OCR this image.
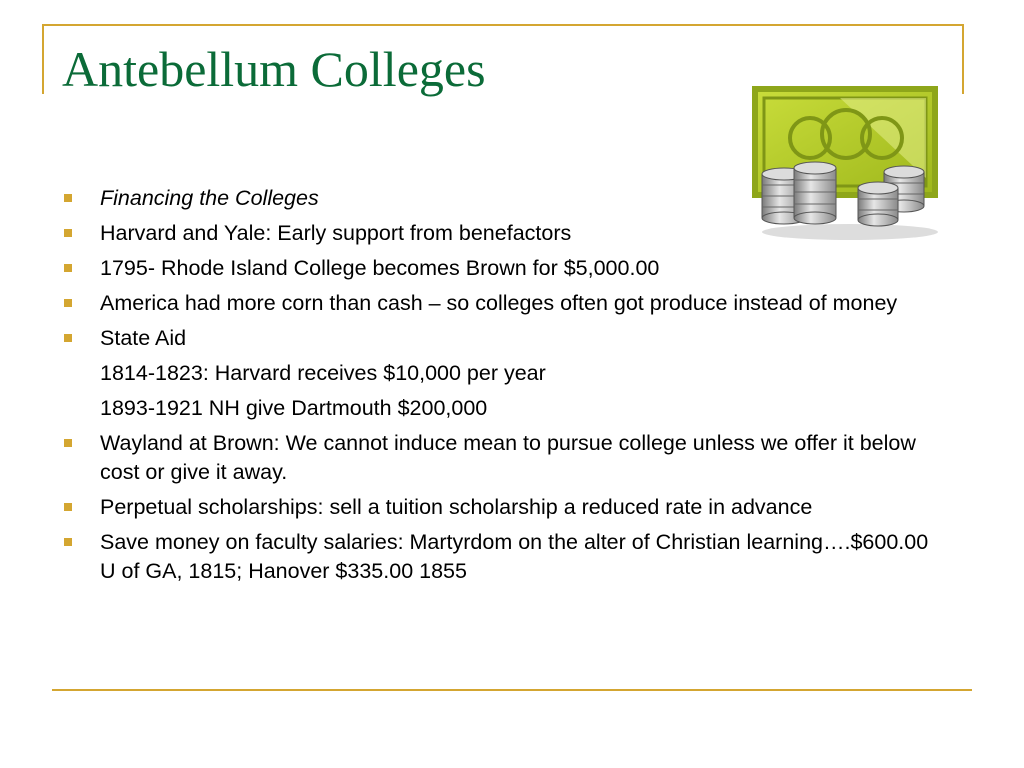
Antebellum Colleges
Financing the Colleges
Harvard and Yale: Early support from benefactors
1795- Rhode Island College becomes Brown for $5,000.00
America had more corn than cash – so colleges often got produce instead of money
State Aid
1814-1823: Harvard receives $10,000 per year
1893-1921 NH give Dartmouth $200,000
Wayland at Brown: We cannot induce mean to pursue college unless we offer it below cost or give it away.
Perpetual scholarships: sell a tuition scholarship a reduced rate in advance
Save money on faculty salaries: Martyrdom on the alter of Christian learning….$600.00 U of GA, 1815; Hanover $335.00 1855
